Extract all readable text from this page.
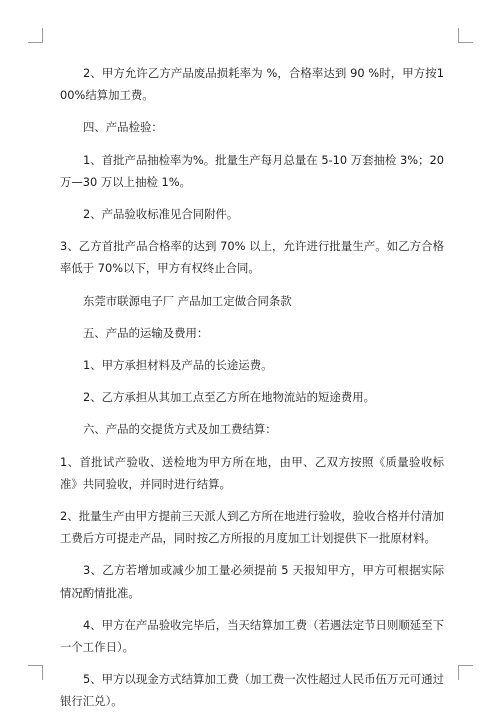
2、甲方允许乙方产品废品损耗率为 %，合格率达到 90 %时，甲方按100%结算加工费。

四、产品检验：

1、首批产品抽检率为%。批量生产每月总量在 5-10 万套抽检 3%；20 万—30 万以上抽检 1%。

2、产品验收标准见合同附件。

3、乙方首批产品合格率的达到 70% 以上，允许进行批量生产。如乙方合格率低于 70%以下，甲方有权终止合同。

东莞市联源电子厂 产品加工定做合同条款

五、产品的运输及费用：

1、甲方承担材料及产品的长途运费。

2、乙方承担从其加工点至乙方所在地物流站的短途费用。

六、产品的交提货方式及加工费结算：

1、首批试产验收、送检地为甲方所在地，由甲、乙双方按照《质量验收标准》共同验收，并同时进行结算。

2、批量生产由甲方提前三天派人到乙方所在地进行验收，验收合格并付清加工费后方可提走产品，同时按乙方所报的月度加工计划提供下一批原材料。

3、乙方若增加或减少加工量必须提前 5 天报知甲方，甲方可根据实际情况酌情批准。

4、甲方在产品验收完毕后，当天结算加工费（若遇法定节日则顺延至下一个工作日）。

5、甲方以现金方式结算加工费（加工费一次性超过人民币伍万元可通过银行汇兑）。
